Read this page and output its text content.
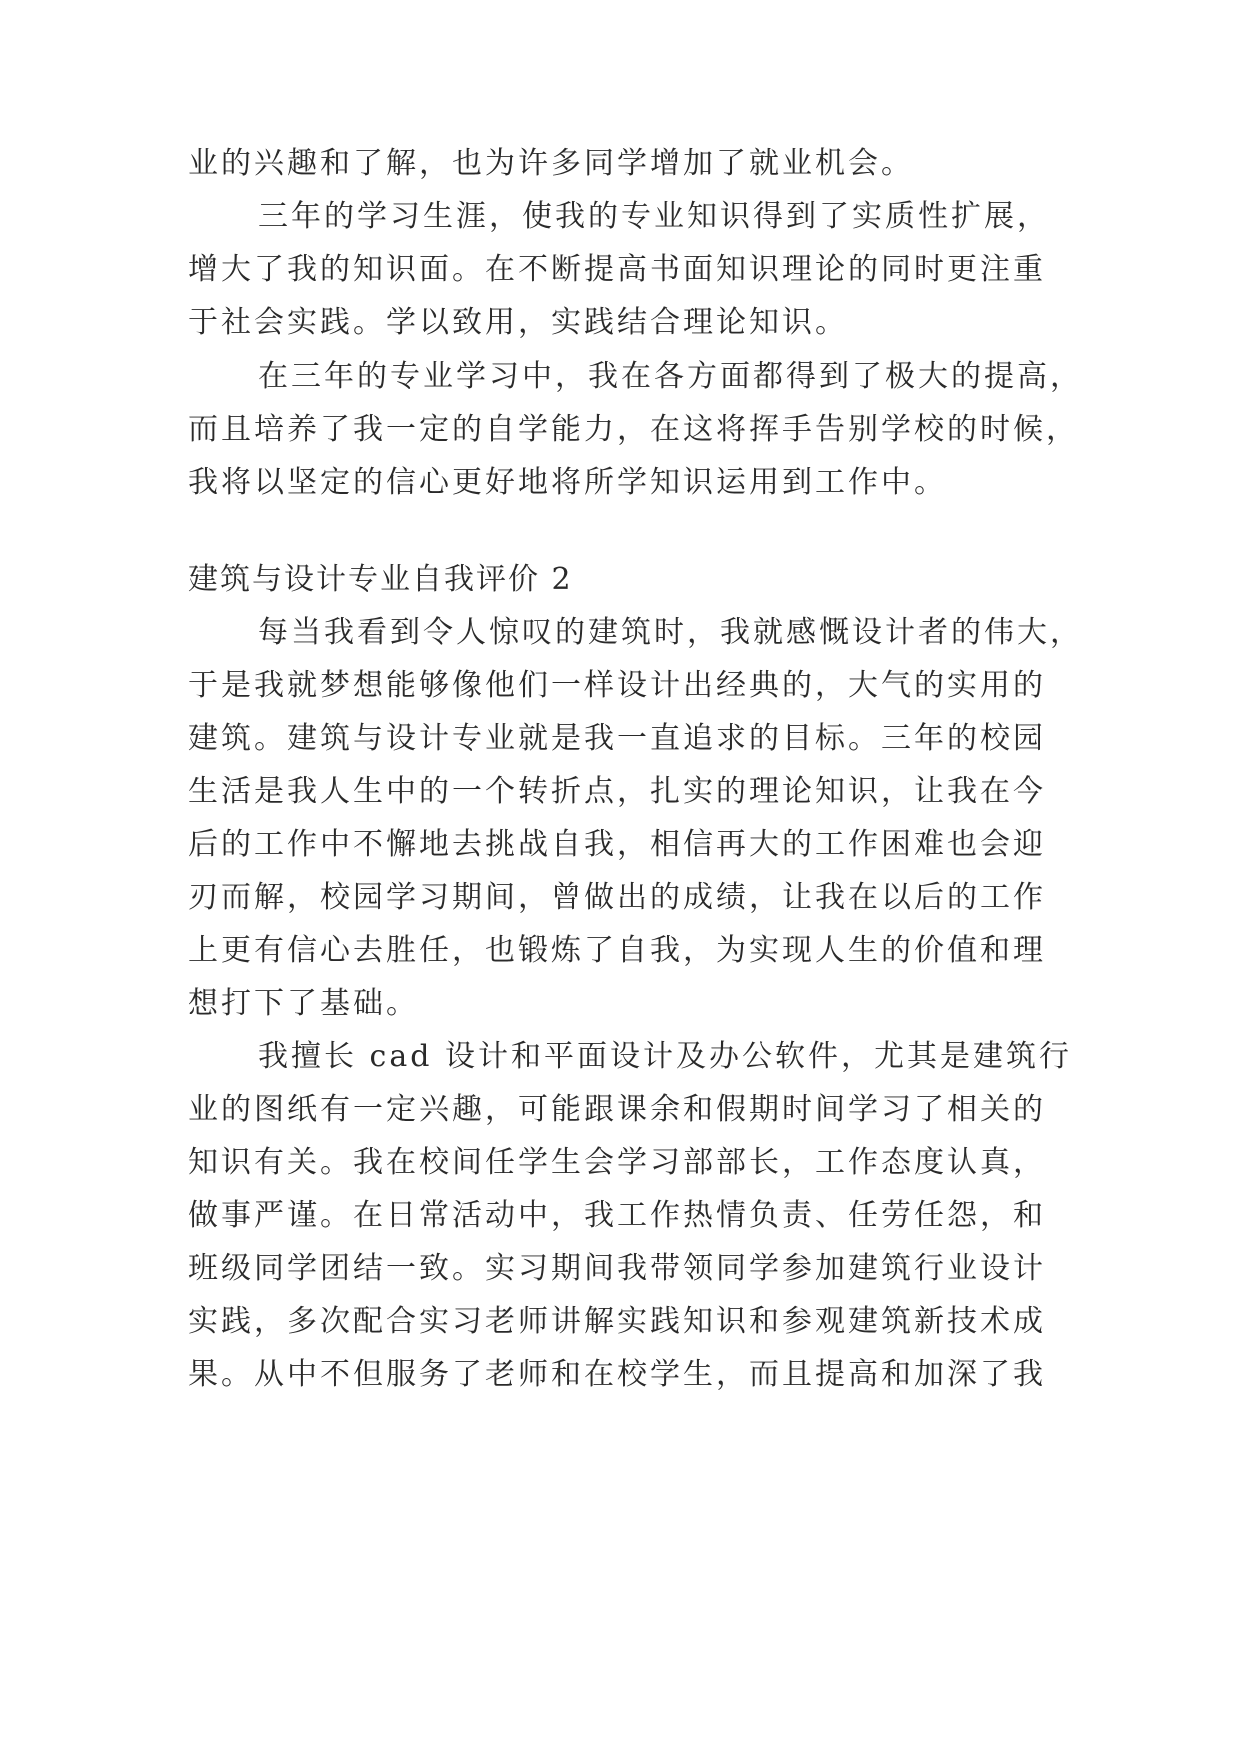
业的兴趣和了解，也为许多同学增加了就业机会。
三年的学习生涯，使我的专业知识得到了实质性扩展，
增大了我的知识面。在不断提高书面知识理论的同时更注重
于社会实践。学以致用，实践结合理论知识。
在三年的专业学习中，我在各方面都得到了极大的提高，
而且培养了我一定的自学能力，在这将挥手告别学校的时候，
我将以坚定的信心更好地将所学知识运用到工作中。
建筑与设计专业自我评价 2
每当我看到令人惊叹的建筑时，我就感慨设计者的伟大，
于是我就梦想能够像他们一样设计出经典的，大气的实用的
建筑。建筑与设计专业就是我一直追求的目标。三年的校园
生活是我人生中的一个转折点，扎实的理论知识，让我在今
后的工作中不懈地去挑战自我，相信再大的工作困难也会迎
刃而解，校园学习期间，曾做出的成绩，让我在以后的工作
上更有信心去胜任，也锻炼了自我，为实现人生的价值和理
想打下了基础。
我擅长 cad 设计和平面设计及办公软件，尤其是建筑行
业的图纸有一定兴趣，可能跟课余和假期时间学习了相关的
知识有关。我在校间任学生会学习部部长，工作态度认真，
做事严谨。在日常活动中，我工作热情负责、任劳任怨，和
班级同学团结一致。实习期间我带领同学参加建筑行业设计
实践，多次配合实习老师讲解实践知识和参观建筑新技术成
果。从中不但服务了老师和在校学生，而且提高和加深了我
